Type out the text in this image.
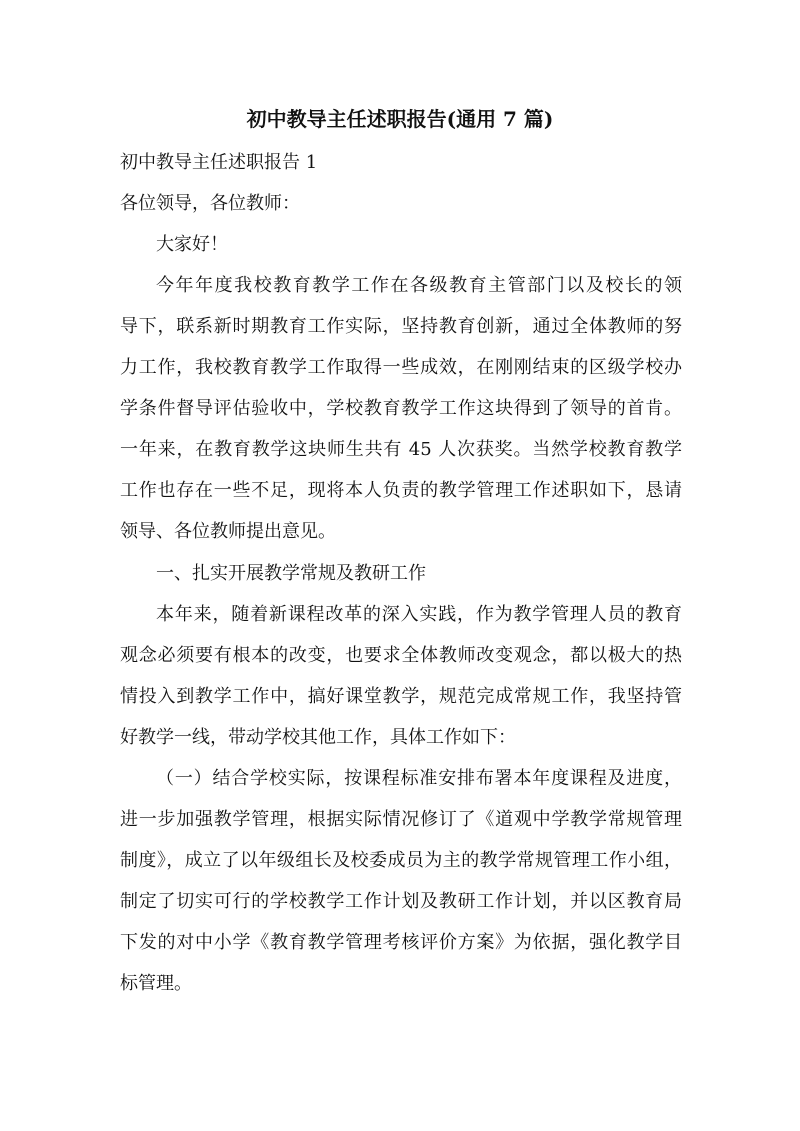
初中教导主任述职报告(通用 7 篇)
初中教导主任述职报告 1
各位领导，各位教师：
大家好！
今年年度我校教育教学工作在各级教育主管部门以及校长的领
导下，联系新时期教育工作实际，坚持教育创新，通过全体教师的努
力工作，我校教育教学工作取得一些成效，在刚刚结束的区级学校办
学条件督导评估验收中，学校教育教学工作这块得到了领导的首肯。
一年来，在教育教学这块师生共有 45 人次获奖。当然学校教育教学
工作也存在一些不足，现将本人负责的教学管理工作述职如下，恳请
领导、各位教师提出意见。
一、扎实开展教学常规及教研工作
本年来，随着新课程改革的深入实践，作为教学管理人员的教育
观念必须要有根本的改变，也要求全体教师改变观念，都以极大的热
情投入到教学工作中，搞好课堂教学，规范完成常规工作，我坚持管
好教学一线，带动学校其他工作，具体工作如下：
（一）结合学校实际，按课程标准安排布署本年度课程及进度，
进一步加强教学管理，根据实际情况修订了《道观中学教学常规管理
制度》，成立了以年级组长及校委成员为主的教学常规管理工作小组，
制定了切实可行的学校教学工作计划及教研工作计划，并以区教育局
下发的对中小学《教育教学管理考核评价方案》为依据，强化教学目
标管理。
